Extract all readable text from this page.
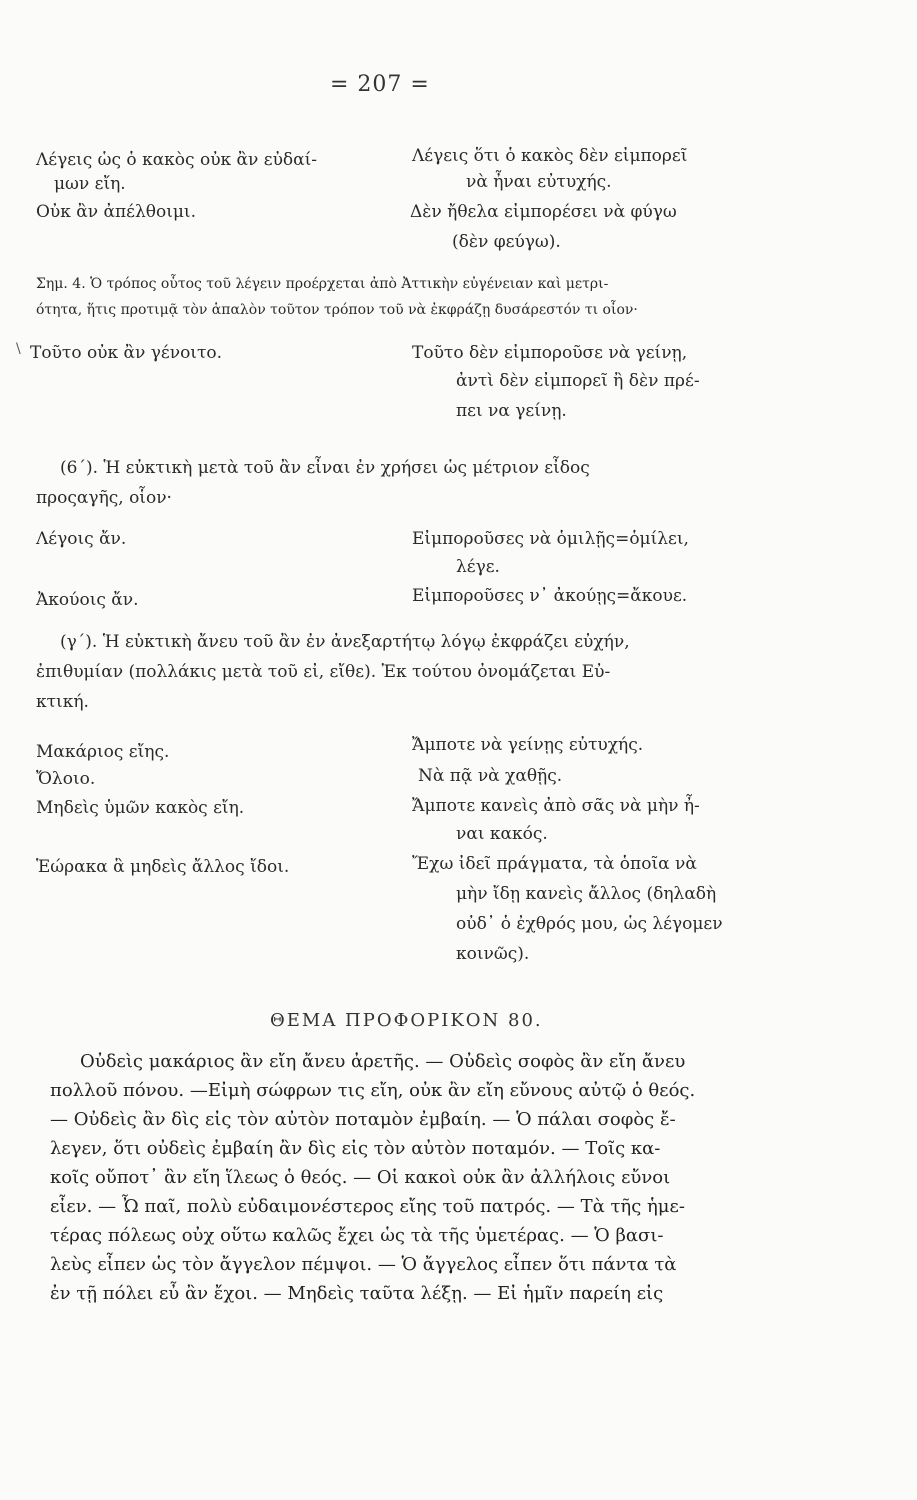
= 207 =
Λέγεις ὡς ὁ κακὸς οὐκ ἂν εὐδαί-
μων εἴη.
Οὐκ ἂν ἀπέλθοιμι.
Λέγεις ὅτι ὁ κακὸς δὲν εἰμπορεῖ
νὰ ἦναι εὐτυχής.
Δὲν ἤθελα εἰμπορέσει νὰ φύγω
(δὲν φεύγω).
Σημ. 4. Ὁ τρόπος οὗτος τοῦ λέγειν προέρχεται ἀπὸ Ἀττικὴν εὐγένειαν καὶ μετρι-
ότητα, ἥτις προτιμᾷ τὸν ἁπαλὸν τοῦτον τρόπον τοῦ νὰ ἐκφράζῃ δυσάρεστόν τι οἷον·
\ Τοῦτο οὐκ ἂν γένοιτο.	Τοῦτο δὲν εἰμποροῦσε νὰ γείνῃ,
ἀντὶ δὲν εἰμπορεῖ ἢ δὲν πρέ-
πει να γείνῃ.
(6΄). Ἡ εὐκτικὴ μετὰ τοῦ ἂν εἶναι ἐν χρήσει ὡς μέτριον εἶδος
προςαγῆς, οἷον·
Λέγοις ἄν.
Ἀκούοις ἄν.
Εἰμποροῦσες νὰ ὁμιλῇς=ὁμίλει,
λέγε.
Εἰμποροῦσες ν᾽ ἀκούῃς=ἄκουε.
(γ΄). Ἡ εὐκτικὴ ἄνευ τοῦ ἂν ἐν ἀνεξαρτήτῳ λόγῳ ἐκφράζει εὐχήν,
ἐπιθυμίαν (πολλάκις μετὰ τοῦ εἰ, εἴθε). Ἐκ τούτου ὀνομάζεται Εὐ-
κτική.
Μακάριος εἴης.
Ὄλοιο.
Μηδεὶς ὑμῶν κακὸς εἴη.
Ἑώρακα ἃ μηδεὶς ἄλλος ἴδοι.
Ἄμποτε νὰ γείνῃς εὐτυχής.
Νὰ πᾷ νὰ χαθῇς.
Ἄμποτε κανεὶς ἀπὸ σᾶς νὰ μὴν ἦ-
ναι κακός.
Ἔχω ἰδεῖ πράγματα, τὰ ὁποῖα νὰ
μὴν ἴδῃ κανεὶς ἄλλος (δηλαδὴ
οὐδ᾽ ὁ ἐχθρός μου, ὡς λέγομεν
κοινῶς).
ΘΕΜΑ ΠΡΟΦΟΡΙΚΟΝ 80.
Οὐδεὶς μακάριος ἂν εἴη ἄνευ ἀρετῆς. — Οὐδεὶς σοφὸς ἂν εἴη ἄνευ
πολλοῦ πόνου. —Εἰμὴ σώφρων τις εἴη, οὐκ ἂν εἴη εὔνους αὐτῷ ὁ θεός.
— Οὐδεὶς ἂν δὶς εἰς τὸν αὐτὸν ποταμὸν ἐμβαίη. — Ὁ πάλαι σοφὸς ἔ-
λεγεν, ὅτι οὐδεὶς ἐμβαίη ἂν δὶς εἰς τὸν αὐτὸν ποταμόν. — Τοῖς κα-
κοῖς οὔποτ᾽ ἂν εἴη ἵλεως ὁ θεός. — Οἱ κακοὶ οὐκ ἂν ἀλλήλοις εὔνοι
εἶεν. — Ὦ παῖ, πολὺ εὐδαιμονέστερος εἴης τοῦ πατρός. — Τὰ τῆς ἡμε-
τέρας πόλεως οὐχ οὕτω καλῶς ἔχει ὡς τὰ τῆς ὑμετέρας. — Ὁ βασι-
λεὺς εἶπεν ὡς τὸν ἄγγελον πέμψοι. — Ὁ ἄγγελος εἶπεν ὅτι πάντα τὰ
ἐν τῇ πόλει εὖ ἂν ἔχοι. — Μηδεὶς ταῦτα λέξῃ. — Εἰ ἡμῖν παρείη εἰς
